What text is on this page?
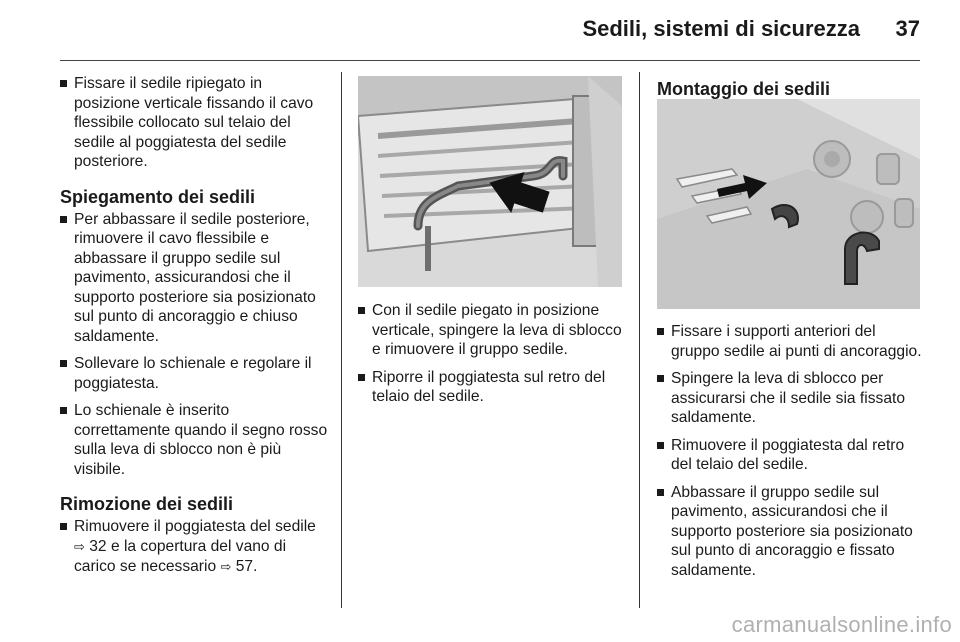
Sedili, sistemi di sicurezza	37

Fissare il sedile ripiegato in posizione verticale fissando il cavo flessibile collocato sul telaio del sedile al poggiatesta del sedile posteriore.

Spiegamento dei sedili

Per abbassare il sedile posteriore, rimuovere il cavo flessibile e abbassare il gruppo sedile sul pavimento, assicurandosi che il supporto posteriore sia posizionato sul punto di ancoraggio e chiuso saldamente.

Sollevare lo schienale e regolare il poggiatesta.

Lo schienale è inserito correttamente quando il segno rosso sulla leva di sblocco non è più visibile.

Rimozione dei sedili

Rimuovere il poggiatesta del sedile ⇨ 32 e la copertura del vano di carico se necessario ⇨ 57.

Con il sedile piegato in posizione verticale, spingere la leva di sblocco e rimuovere il gruppo sedile.

Riporre il poggiatesta sul retro del telaio del sedile.

Montaggio dei sedili

Fissare i supporti anteriori del gruppo sedile ai punti di ancoraggio.

Spingere la leva di sblocco per assicurarsi che il sedile sia fissato saldamente.

Rimuovere il poggiatesta dal retro del telaio del sedile.

Abbassare il gruppo sedile sul pavimento, assicurandosi che il supporto posteriore sia posizionato sul punto di ancoraggio e fissato saldamente.

carmanualsonline.info
